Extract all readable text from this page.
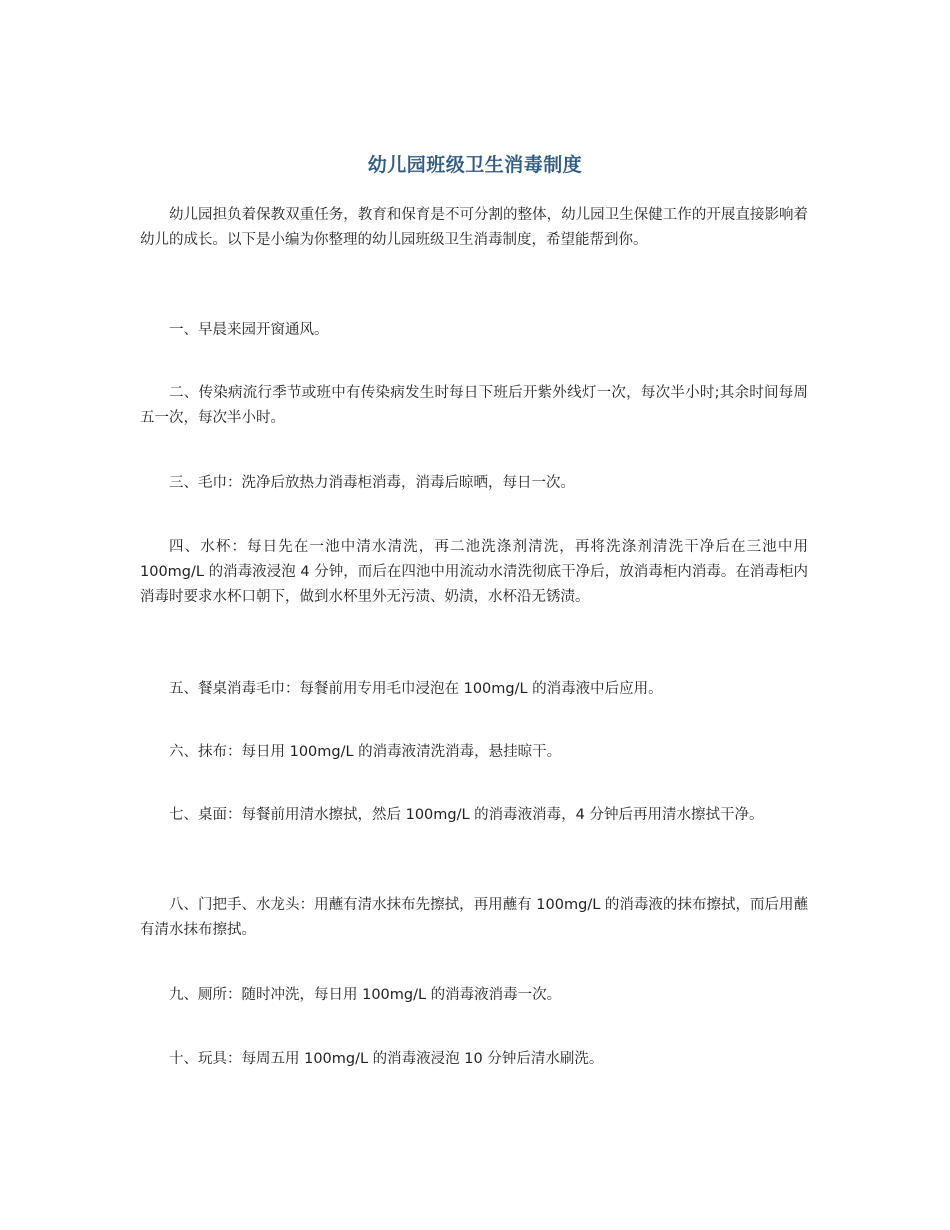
幼儿园班级卫生消毒制度

幼儿园担负着保教双重任务，教育和保育是不可分割的整体，幼儿园卫生保健工作的开展直接影响着幼儿的成长。以下是小编为你整理的幼儿园班级卫生消毒制度，希望能帮到你。

一、早晨来园开窗通风。

二、传染病流行季节或班中有传染病发生时每日下班后开紫外线灯一次，每次半小时;其余时间每周五一次，每次半小时。

三、毛巾：洗净后放热力消毒柜消毒，消毒后晾晒，每日一次。

四、水杯：每日先在一池中清水清洗，再二池洗涤剂清洗，再将洗涤剂清洗干净后在三池中用 100mg/L 的消毒液浸泡 4 分钟，而后在四池中用流动水清洗彻底干净后，放消毒柜内消毒。在消毒柜内消毒时要求水杯口朝下，做到水杯里外无污渍、奶渍，水杯沿无锈渍。

五、餐桌消毒毛巾：每餐前用专用毛巾浸泡在 100mg/L 的消毒液中后应用。

六、抹布：每日用 100mg/L 的消毒液清洗消毒，悬挂晾干。

七、桌面：每餐前用清水擦拭，然后 100mg/L 的消毒液消毒，4 分钟后再用清水擦拭干净。

八、门把手、水龙头：用蘸有清水抹布先擦拭，再用蘸有 100mg/L 的消毒液的抹布擦拭，而后用蘸有清水抹布擦拭。

九、厕所：随时冲洗，每日用 100mg/L 的消毒液消毒一次。

十、玩具：每周五用 100mg/L 的消毒液浸泡 10 分钟后清水刷洗。
